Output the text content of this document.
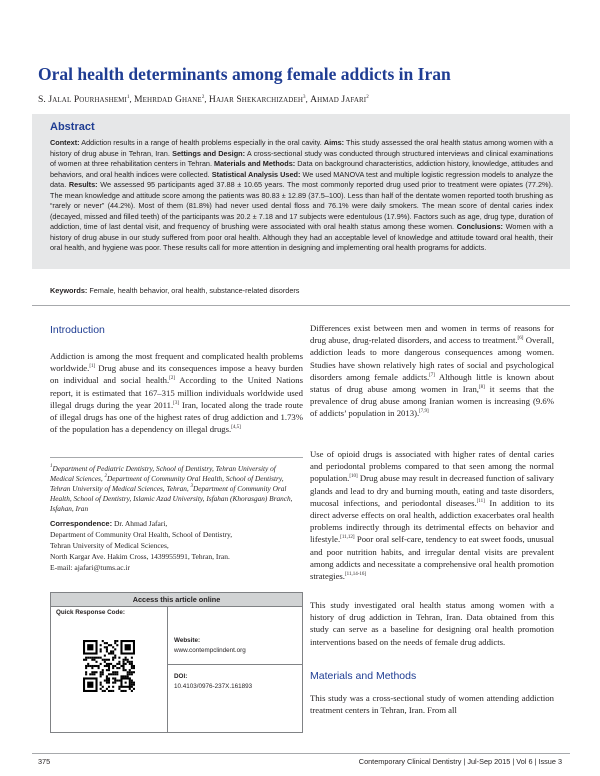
Oral health determinants among female addicts in Iran

S. Jalal Pourhashemi$^1$, Mehrdad Ghane$^2$, Hajar Shekarchizadeh$^3$, Ahmad Jafari$^2$

Abstract

Context: Addiction results in a range of health problems especially in the oral cavity. Aims: This study assessed the oral health status among women with a history of drug abuse in Tehran, Iran. Settings and Design: A cross-sectional study was conducted through structured interviews and clinical examinations of women at three rehabilitation centers in Tehran. Materials and Methods: Data on background characteristics, addiction history, knowledge, attitudes and behaviors, and oral health indices were collected. Statistical Analysis Used: We used MANOVA test and multiple logistic regression models to analyze the data. Results: We assessed 95 participants aged 37.88 ± 10.65 years. The most commonly reported drug used prior to treatment were opiates (77.2%). The mean knowledge and attitude score among the patients was 80.83 ± 12.89 (37.5–100). Less than half of the dentate women reported tooth brushing as “rarely or never” (44.2%). Most of them (81.8%) had never used dental floss and 76.1% were daily smokers. The mean score of dental caries index (decayed, missed and filled teeth) of the participants was 20.2 ± 7.18 and 17 subjects were edentulous (17.9%). Factors such as age, drug type, duration of addiction, time of last dental visit, and frequency of brushing were associated with oral health status among these women. Conclusions: Women with a history of drug abuse in our study suffered from poor oral health. Although they had an acceptable level of knowledge and attitude toward oral health, their oral health, and hygiene was poor. These results call for more attention in designing and implementing oral health programs for addicts.

Keywords: Female, health behavior, oral health, substance-related disorders

Introduction

Addiction is among the most frequent and complicated health problems worldwide.[1] Drug abuse and its consequences impose a heavy burden on individual and social health.[2] According to the United Nations report, it is estimated that 167–315 million individuals worldwide used illegal drugs during the year 2011.[3] Iran, located along the trade route of illegal drugs has one of the highest rates of drug addiction and 1.73% of the population has a dependency on illegal drugs.[4,5]

$^1$Department of Pediatric Dentistry, School of Dentistry, Tehran University of Medical Sciences, $^2$Department of Community Oral Health, School of Dentistry, Tehran University of Medical Sciences, Tehran, $^3$Department of Community Oral Health, School of Dentistry, Islamic Azad University, Isfahan (Khorasgan) Branch, Isfahan, Iran

Correspondence: Dr. Ahmad Jafari,
Department of Community Oral Health, School of Dentistry,
Tehran University of Medical Sciences,
North Kargar Ave. Hakim Cross, 1439955991, Tehran, Iran.
E-mail: ajafari@tums.ac.ir
Access this article online
Quick Response Code:
Website:
www.contempclindent.org
DOI:
10.4103/0976-237X.161893

Differences exist between men and women in terms of reasons for drug abuse, drug-related disorders, and access to treatment.[6] Overall, addiction leads to more dangerous consequences among women. Studies have shown relatively high rates of social and psychological disorders among female addicts.[7] Although little is known about status of drug abuse among women in Iran,[8] it seems that the prevalence of drug abuse among Iranian women is increasing (9.6% of addicts’ population in 2013).[7,9]

Use of opioid drugs is associated with higher rates of dental caries and periodontal problems compared to that seen among the normal population.[10] Drug abuse may result in decreased function of salivary glands and lead to dry and burning mouth, eating and taste disorders, mucosal infections, and periodontal diseases.[11] In addition to its direct adverse effects on oral health, addiction exacerbates oral health problems indirectly through its detrimental effects on behavior and lifestyle.[11,12] Poor oral self-care, tendency to eat sweet foods, unusual and poor nutrition habits, and irregular dental visits are prevalent among addicts and necessitate a comprehensive oral health promotion strategies.[11,14-16]

This study investigated oral health status among women with a history of drug addiction in Tehran, Iran. Data obtained from this study can serve as a baseline for designing oral health promotion interventions based on the needs of female drug addicts.

Materials and Methods

This study was a cross-sectional study of women attending addiction treatment centers in Tehran, Iran. From all

375	Contemporary Clinical Dentistry | Jul-Sep 2015 | Vol 6 | Issue 3
